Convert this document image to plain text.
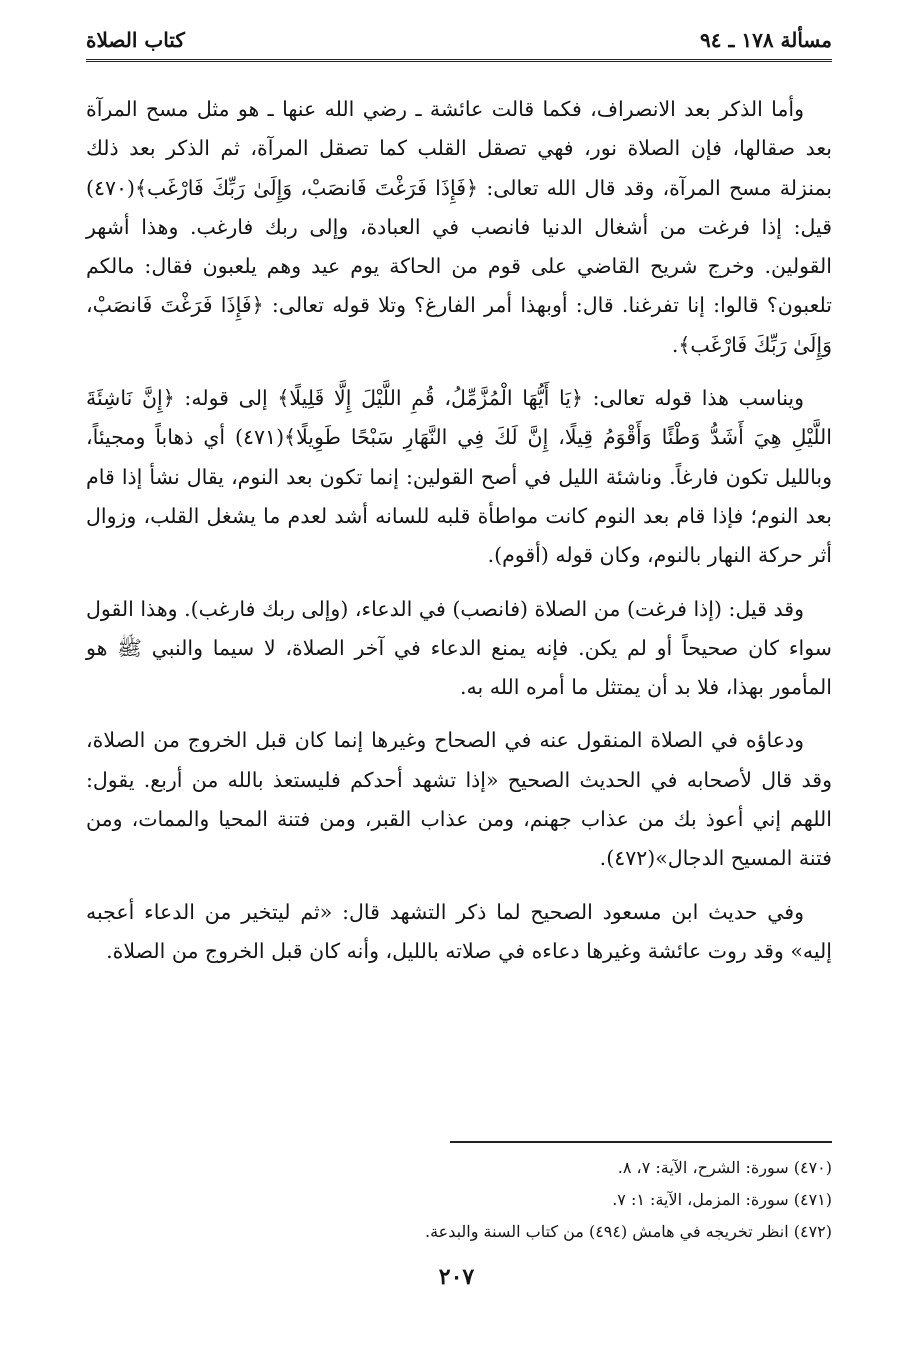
مسألة ١٧٨ ـ ٩٤
كتاب الصلاة

وأما الذكر بعد الانصراف، فكما قالت عائشة ـ رضي الله عنها ـ هو مثل مسح المرآة بعد صقالها، فإن الصلاة نور، فهي تصقل القلب كما تصقل المرآة، ثم الذكر بعد ذلك بمنزلة مسح المرآة، وقد قال الله تعالى: ﴿فَإِذَا فَرَغْتَ فَانصَبْ، وَإِلَىٰ رَبِّكَ فَارْغَب﴾(٤٧٠) قيل: إذا فرغت من أشغال الدنيا فانصب في العبادة، وإلى ربك فارغب. وهذا أشهر القولين. وخرج شريح القاضي على قوم من الحاكة يوم عيد وهم يلعبون فقال: مالكم تلعبون؟ قالوا: إنا تفرغنا. قال: أوبهذا أمر الفارغ؟ وتلا قوله تعالى: ﴿فَإِذَا فَرَغْتَ فَانصَبْ، وَإِلَىٰ رَبِّكَ فَارْغَب﴾.

ويناسب هذا قوله تعالى: ﴿يَا أَيُّهَا الْمُزَّمِّلُ، قُمِ اللَّيْلَ إِلَّا قَلِيلًا﴾ إلى قوله: ﴿إِنَّ نَاشِئَةَ اللَّيْلِ هِيَ أَشَدُّ وَطْئًا وَأَقْوَمُ قِيلًا، إِنَّ لَكَ فِي النَّهَارِ سَبْحًا طَوِيلًا﴾(٤٧١) أي ذهاباً ومجيئاً، وبالليل تكون فارغاً. وناشئة الليل في أصح القولين: إنما تكون بعد النوم، يقال نشأ إذا قام بعد النوم؛ فإذا قام بعد النوم كانت مواطأة قلبه للسانه أشد لعدم ما يشغل القلب، وزوال أثر حركة النهار بالنوم، وكان قوله (أقوم).

وقد قيل: (إذا فرغت) من الصلاة (فانصب) في الدعاء، (وإلى ربك فارغب). وهذا القول سواء كان صحيحاً أو لم يكن. فإنه يمنع الدعاء في آخر الصلاة، لا سيما والنبي ﷺ هو المأمور بهذا، فلا بد أن يمتثل ما أمره الله به.

ودعاؤه في الصلاة المنقول عنه في الصحاح وغيرها إنما كان قبل الخروج من الصلاة، وقد قال لأصحابه في الحديث الصحيح «إذا تشهد أحدكم فليستعذ بالله من أربع. يقول: اللهم إني أعوذ بك من عذاب جهنم، ومن عذاب القبر، ومن فتنة المحيا والممات، ومن فتنة المسيح الدجال»(٤٧٢).

وفي حديث ابن مسعود الصحيح لما ذكر التشهد قال: «ثم ليتخير من الدعاء أعجبه إليه» وقد روت عائشة وغيرها دعاءه في صلاته بالليل، وأنه كان قبل الخروج من الصلاة.

(٤٧٠) سورة: الشرح، الآية: ٧، ٨.
(٤٧١) سورة: المزمل، الآية: ١: ٧.
(٤٧٢) انظر تخريجه في هامش (٤٩٤) من كتاب السنة والبدعة.
٢٠٧
